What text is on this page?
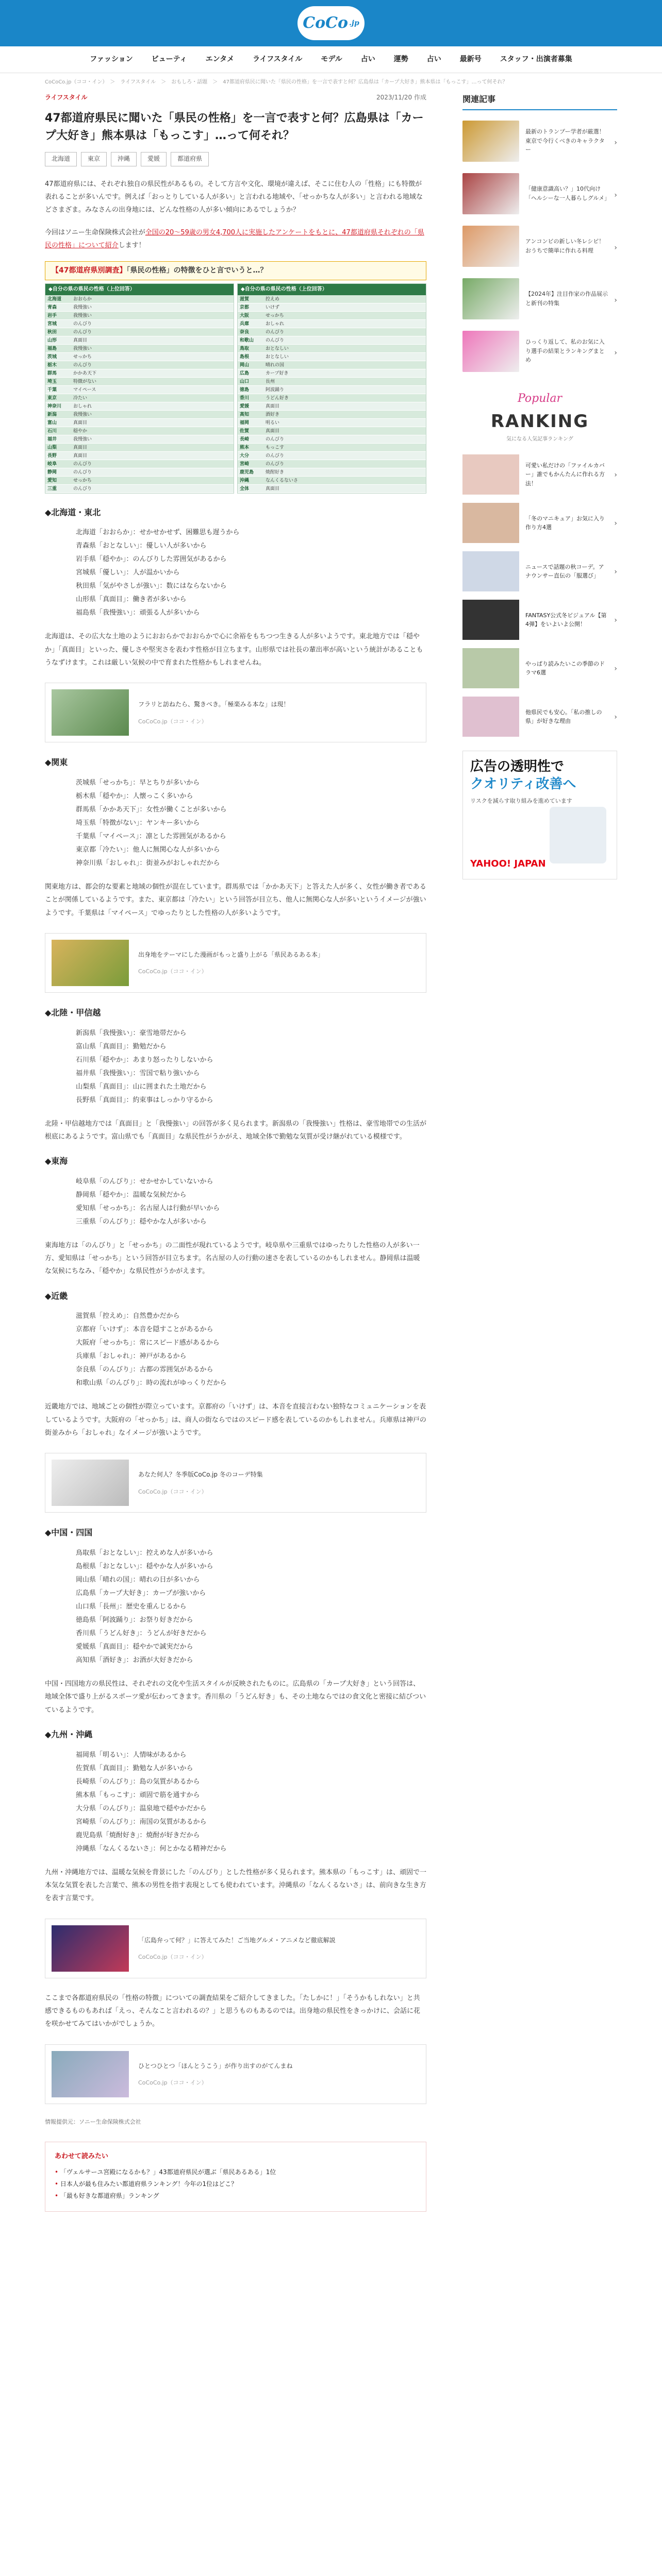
CoCo .jp
ファッション	ビューティ	エンタメ	ライフスタイル	モデル	占い	運勢	占い	最新号	スタッフ・出演者募集
CoCoCo.jp（ココ・イン）　＞　ライフスタイル　＞　おもしろ・話題　＞　47都道府県民に聞いた「県民の性格」を一言で表すと何？広島県は「カープ大好き」熊本県は「もっこす」…って何それ？
ライフスタイル	2023/11/20 作成
47都道府県民に聞いた「県民の性格」を一言で表すと何？広島県は「カープ大好き」熊本県は「もっこす」…って何それ？
北海道	東京	沖縄	愛媛	都道府県

47都道府県には、それぞれ独自の県民性があるもの。そして方言や文化、環境が違えば、そこに住む人の「性格」にも特徴が表れることが多いんです。例えば「おっとりしている人が多い」と言われる地域や、「せっかちな人が多い」と言われる地域などさまざま。みなさんの出身地には、どんな性格の人が多い傾向にあるでしょうか？

今回はソニー生命保険株式会社が全国の20〜59歳の男女4,700人に実施したアンケートをもとに、47都道府県それぞれの「県民の性格」について紹介します！

【47都道府県別調査】「県民の性格」の特徴をひと言でいうと…？
◆自分の県の県民の性格（上位回答）
北海道	おおらか
青森	我慢強い
岩手	我慢強い
宮城	のんびり
秋田	のんびり
山形	真面目
福島	我慢強い
茨城	せっかち
栃木	のんびり
群馬	かかあ天下
埼玉	特徴がない
千葉	マイペース
東京	冷たい
神奈川	おしゃれ
新潟	我慢強い
富山	真面目
石川	穏やか
福井	我慢強い
山梨	真面目
長野	真面目
岐阜	のんびり
静岡	のんびり
愛知	せっかち
三重	のんびり
◆自分の県の県民の性格（上位回答）
滋賀	控えめ
京都	いけず
大阪	せっかち
兵庫	おしゃれ
奈良	のんびり
和歌山	のんびり
鳥取	おとなしい
島根	おとなしい
岡山	晴れの国
広島	カープ好き
山口	長州
徳島	阿波踊り
香川	うどん好き
愛媛	真面目
高知	酒好き
福岡	明るい
佐賀	真面目
長崎	のんびり
熊本	もっこす
大分	のんびり
宮崎	のんびり
鹿児島	焼酎好き
沖縄	なんくるないさ
全体	真面目
◆北海道・東北
北海道「おおらか」：せかせかせず、困難思も遅うから
青森県「おとなしい」：優しい人が多いから
岩手県「穏やか」：のんびりした雰囲気があるから
宮城県「優しい」：人が温かいから
秋田県「気がやさしが強い」：数にはならないから
山形県「真面目」：働き者が多いから
福島県「我慢強い」：頑張る人が多いから

北海道は、その広大な土地のようにおおらかでおおらかで心に余裕をもちつつ生きる人が多いようです。東北地方では「穏やか」「真面目」といった、優しさや堅実さを表わす性格が目立ちます。山形県では社長の輩出率が高いという統計があることもうなずけます。これは厳しい気候の中で育まれた性格かもしれませんね。

フラリと訪ねたら、驚きべき。「極楽みる本な」は現！
CoCoCo.jp（ココ・イン）
◆関東
茨城県「せっかち」：早とちりが多いから
栃木県「穏やか」：人懐っこく多いから
群馬県「かかあ天下」：女性が働くことが多いから
埼玉県「特徴がない」：ヤンキー多いから
千葉県「マイペース」：凛とした雰囲気があるから
東京都「冷たい」：他人に無関心な人が多いから
神奈川県「おしゃれ」：街並みがおしゃれだから

関東地方は、都会的な要素と地域の個性が混在しています。群馬県では「かかあ天下」と答えた人が多く、女性が働き者であることが関係しているようです。また、東京都は「冷たい」という回答が目立ち、他人に無関心な人が多いというイメージが強いようです。千葉県は「マイペース」でゆったりとした性格の人が多いようです。

出身地をテーマにした漫画がもっと盛り上がる「県民あるある本」
CoCoCo.jp（ココ・イン）
◆北陸・甲信越
新潟県「我慢強い」：豪雪地帯だから
富山県「真面目」：勤勉だから
石川県「穏やか」：あまり怒ったりしないから
福井県「我慢強い」：雪国で粘り強いから
山梨県「真面目」：山に囲まれた土地だから
長野県「真面目」：約束事はしっかり守るから

北陸・甲信越地方では「真面目」と「我慢強い」の回答が多く見られます。新潟県の「我慢強い」性格は、豪雪地帯での生活が根底にあるようです。富山県でも「真面目」な県民性がうかがえ、地域全体で勤勉な気質が受け継がれている模様です。

◆東海
岐阜県「のんびり」：せかせかしていないから
静岡県「穏やか」：温暖な気候だから
愛知県「せっかち」：名古屋人は行動が早いから
三重県「のんびり」：穏やかな人が多いから

東海地方は「のんびり」と「せっかち」の二面性が現れているようです。岐阜県や三重県ではゆったりした性格の人が多い一方、愛知県は「せっかち」という回答が目立ちます。名古屋の人の行動の速さを表しているのかもしれません。静岡県は温暖な気候にちなみ、「穏やか」な県民性がうかがえます。

◆近畿
滋賀県「控えめ」：自然豊かだから
京都府「いけず」：本音を隠すことがあるから
大阪府「せっかち」：常にスピード感があるから
兵庫県「おしゃれ」：神戸があるから
奈良県「のんびり」：古都の雰囲気があるから
和歌山県「のんびり」：時の流れがゆっくりだから

近畿地方では、地域ごとの個性が際立っています。京都府の「いけず」は、本音を直接言わない独特なコミュニケーションを表しているようです。大阪府の「せっかち」は、商人の街ならではのスピード感を表しているのかもしれません。兵庫県は神戸の街並みから「おしゃれ」なイメージが強いようです。

あなた何人？冬季版CoCo.jp 冬のコーデ特集
CoCoCo.jp（ココ・イン）
◆中国・四国
鳥取県「おとなしい」：控えめな人が多いから
島根県「おとなしい」：穏やかな人が多いから
岡山県「晴れの国」：晴れの日が多いから
広島県「カープ大好き」：カープが強いから
山口県「長州」：歴史を重んじるから
徳島県「阿波踊り」：お祭り好きだから
香川県「うどん好き」：うどんが好きだから
愛媛県「真面目」：穏やかで誠実だから
高知県「酒好き」：お酒が大好きだから

中国・四国地方の県民性は、それぞれの文化や生活スタイルが反映されたものに。広島県の「カープ大好き」という回答は、地域全体で盛り上がるスポーツ愛が伝わってきます。香川県の「うどん好き」も、その土地ならではの食文化と密接に結びついているようです。

◆九州・沖縄
福岡県「明るい」：人情味があるから
佐賀県「真面目」：勤勉な人が多いから
長崎県「のんびり」：島の気質があるから
熊本県「もっこす」：頑固で筋を通すから
大分県「のんびり」：温泉地で穏やかだから
宮崎県「のんびり」：南国の気質があるから
鹿児島県「焼酎好き」：焼酎が好きだから
沖縄県「なんくるないさ」：何とかなる精神だから

九州・沖縄地方では、温暖な気候を背景にした「のんびり」とした性格が多く見られます。熊本県の「もっこす」は、頑固で一本気な気質を表した言葉で、熊本の男性を指す表現としても使われています。沖縄県の「なんくるないさ」は、前向きな生き方を表す言葉です。

「広島弁って何？」に答えてみた！ご当地グルメ・アニメなど徹底解説
CoCoCo.jp（ココ・イン）

ここまで各都道府県民の「性格の特徴」についての調査結果をご紹介してきました。「たしかに！」「そうかもしれない」と共感できるものもあれば「えっ、そんなこと言われるの？」と思うものもあるのでは。出身地の県民性をきっかけに、会話に花を咲かせてみてはいかがでしょうか。

ひとつひとつ「ほんとうこう」が作り出すのがてんまね
CoCoCo.jp（ココ・イン）
情報提供元：ソニー生命保険株式会社
あわせて読みたい
• 「ヴェルサーユ宮殿になるかも？」43都道府県民が選ぶ「県民あるある」1位
• 日本人が最も住みたい都道府県ランキング！今年の1位はどこ？
• 「最も好きな都道府県」ランキング
関連記事
最新のトランプー学者が厳選！東京で今行くべきのキャラクター
›
「健康意識高い？」10代向け「ヘルシーな一人暮らしグルメ」 ›
アンコンビの新しい冬レシピ！おうちで簡単に作れる料理	›
【2024年】注目作家の作品展示と新刊の特集	›
ひっくり返して、私のお気に入り選手の結果とランキングまとめ
›
Popular
RANKING
気になる人気記事ランキング
可愛い私だけの「ファイルカバー」誰でもかんたんに作れる方法！
›
「冬のマニキュア」お気に入り作り方4選	›
ニュースで話題の秋コーデ。アナウンサー直伝の「服選び」	›
FANTASY公式冬ビジュアル【第4弾】をいよいよ公開！	›
やっぱり読みたいこの季節のドラマ6選	›
他県民でも安心。「私の推しの県」が好きな理由	›
広告の透明性で
クオリティ改善へ
リスクを減らす取り組みを進めています
YAHOO! JAPAN
